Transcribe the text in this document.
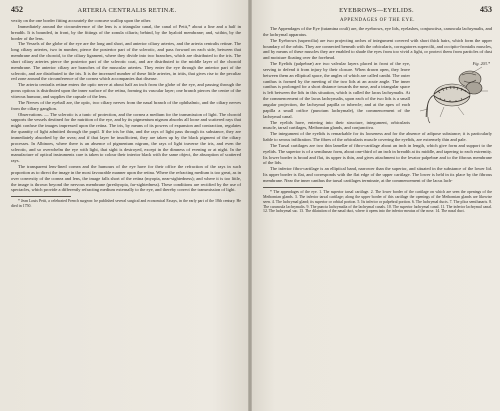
452	ARTERIA CENTRALIS RETINÆ.

vexity on the one border fitting accurately the concave scallop upon the other.

Immediately around the circumference of the lens is a triangular canal, the canal of Petit,* about a line and a half in breadth. It is bounded, in front, by the fittings of the zonula ciliaris; behind, by the hyaloid membrane; and, within, by the border of the lens.

The Vessels of the globe of the eye are the long and short, and anterior ciliary arteries, and the arteria centralis retinæ. The long ciliary arteries, two in number, pierce the posterior part of the sclerotic, and pass forward on each side, between that membrane and the choroid, to the ciliary ligament, where they divide into two branches, which are distributed to the iris. The short ciliary arteries pierce the posterior part of the sclerotic coat, and are distributed to the middle layer of the choroid membrane. The anterior ciliary are branches of the muscular arteries. They enter the eye through the anterior part of the sclerotic, and are distributed to the iris. It is the increased number of these little arteries, in iritis, that gives rise to the peculiar red zone around the circumference of the cornea which accompanies that disease.

The arteria centralis retinæ enters the optic nerve at about half an inch from the globe of the eye, and passing through the porus opticus is distributed upon the inner surface of the retina, forming its vascular layer; one branch pierces the centre of the vitreous humour, and supplies the capsule of the lens.

The Nerves of the eyeball are, the optic, two ciliary nerves from the nasal branch of the ophthalmic, and the ciliary nerves from the ciliary ganglion.

Observations. — The sclerotic is a tunic of protection, and the cornea a medium for the transmission of light. The choroid supports the vessels destined for the nutrition of the eye, and by its pigmentum nigrum absorbs all loose and scattered rays that might confuse the images impressed upon the retina. The iris, by means of its powers of expansion and contraction, regulates the quantity of light admitted through the pupil. If the iris be thin, and the rays of light pass through its substance, they are immediately absorbed by the uvea; and if that layer be insufficient, they are taken up by the black pigment of the ciliary processes. In Albinoes, where there is an absence of pigmentum nigrum, the rays of light traverse the iris, and even the sclerotic, and so overwhelm the eye with light, that sight is destroyed, except in the dimness of evening or at night. In the manufacture of optical instruments care is taken to colour their interior black with the same object, the absorption of scattered rays.

The transparent lens-lined cornea and the humours of the eye have for their office the refraction of the rays in such proportion as to direct the image in the most favourable manner upon the retina. Where the refracting medium is too great, as in over convexity of the cornea and lens, the image falls short of the retina (myopia, near-sightedness); and where it is too little, the image is thrown beyond the nervous membrane (presbyopia, far-sightedness). These conditions are rectified by the use of spectacles, which provide a differently refracting medium externally to the eye, and thereby correct the transmission of light.

* Jean Louis Petit, a celebrated French surgeon: he published several surgical and economical Essays, in the early part of the 18th century. He died in 1750.

EYEBROWS—EYELIDS.	453
APPENDAGES OF THE EYE.

The Appendages of the Eye (tutamina oculi) are, the eyebrows, eye lids, eyelashes, conjunctiva, caruncula lachrymalis, and the lachrymal apparatus.

The Eyebrows (supercilia) are two projecting arches of integument covered with short thick hairs, which form the upper boundary of the orbits. They are connected beneath with the orbicularis, corrugatores supercilii, and occipito-frontalis muscles, and by means of these muscles they are enabled to shade the eyes from too vivid a light, or protect them from particles of dust and moisture floating over the forehead.

Fig. 203.*

The Eyelids (palpebræ) are two valvular layers placed in front of the eye, serving to defend it from injury by their closure. When drawn open, they leave between them an elliptical space, the angles of which are called canthi. The outer canthus is formed by the meeting of the two lids at an acute angle. The inner canthus is prolonged for a short distance towards the nose, and a triangular space is left between the lids in this situation, which is called the lacus lachrymalis. At the commencement of the lacus lachrymalis, upon each of the two lids is a small angular projection, the lachrymal papilla or tubercle; and at the apex of each papilla a small orifice (punctum lachrymale), the commencement of the lachrymal canal.

The eyelids have, entering into their structure, integument, orbicularis muscle, tarsal cartilages, Meibomian glands, and conjunctiva.

The integument of the eyelids is remarkable for its looseness and for the absence of adipose substance; it is particularly liable to serous infiltration. The fibres of the orbicularis muscle covering the eyelids, are extremely thin and pale.

The Tarsal cartilages are two thin lamellæ of fibro-cartilage about an inch in length, which give form and support to the eyelids. The superior is of a semilunar form, about one-third of an inch in breadth at its middle, and tapering to each extremity. Its lower border is broad and flat, its upper is thin, and gives attachment to the levator palpebræ and to the fibrous membrane of the lids.

The inferior fibro-cartilage is an elliptical band, narrower than the superior, and situated in the substance of the lower lid. Its upper border is flat, and corresponds with the flat edge of the upper cartilage. The lower is held in its place by the fibrous membrane. Near the inner canthus the tarsal cartilages terminate, at the commencement of the lacus lach-

* The appendages of the eye. 1. The superior tarsal cartilage. 2. The lower border of the cartilage on which are seen the openings of the Meibomian glands. 3. The inferior tarsal cartilage; along the upper border of this cartilage the openings of the Meibomian glands are likewise seen. 4. The lachrymal gland; its superior or orbital portion. 5. Its inferior or palpebral portion. 6. The lachrymal ducts. 7. The plica semilunaris. 8. The caruncula lachrymalis. 9. The puncta lachrymalia of the lachrymal canals. 10. The superior lachrymal canal. 11. The inferior lachrymal canal. 12. The lachrymal sac. 13. The dilatation of the nasal duct, where it opens into the inferior meatus of the nose. 14. The nasal duct.
